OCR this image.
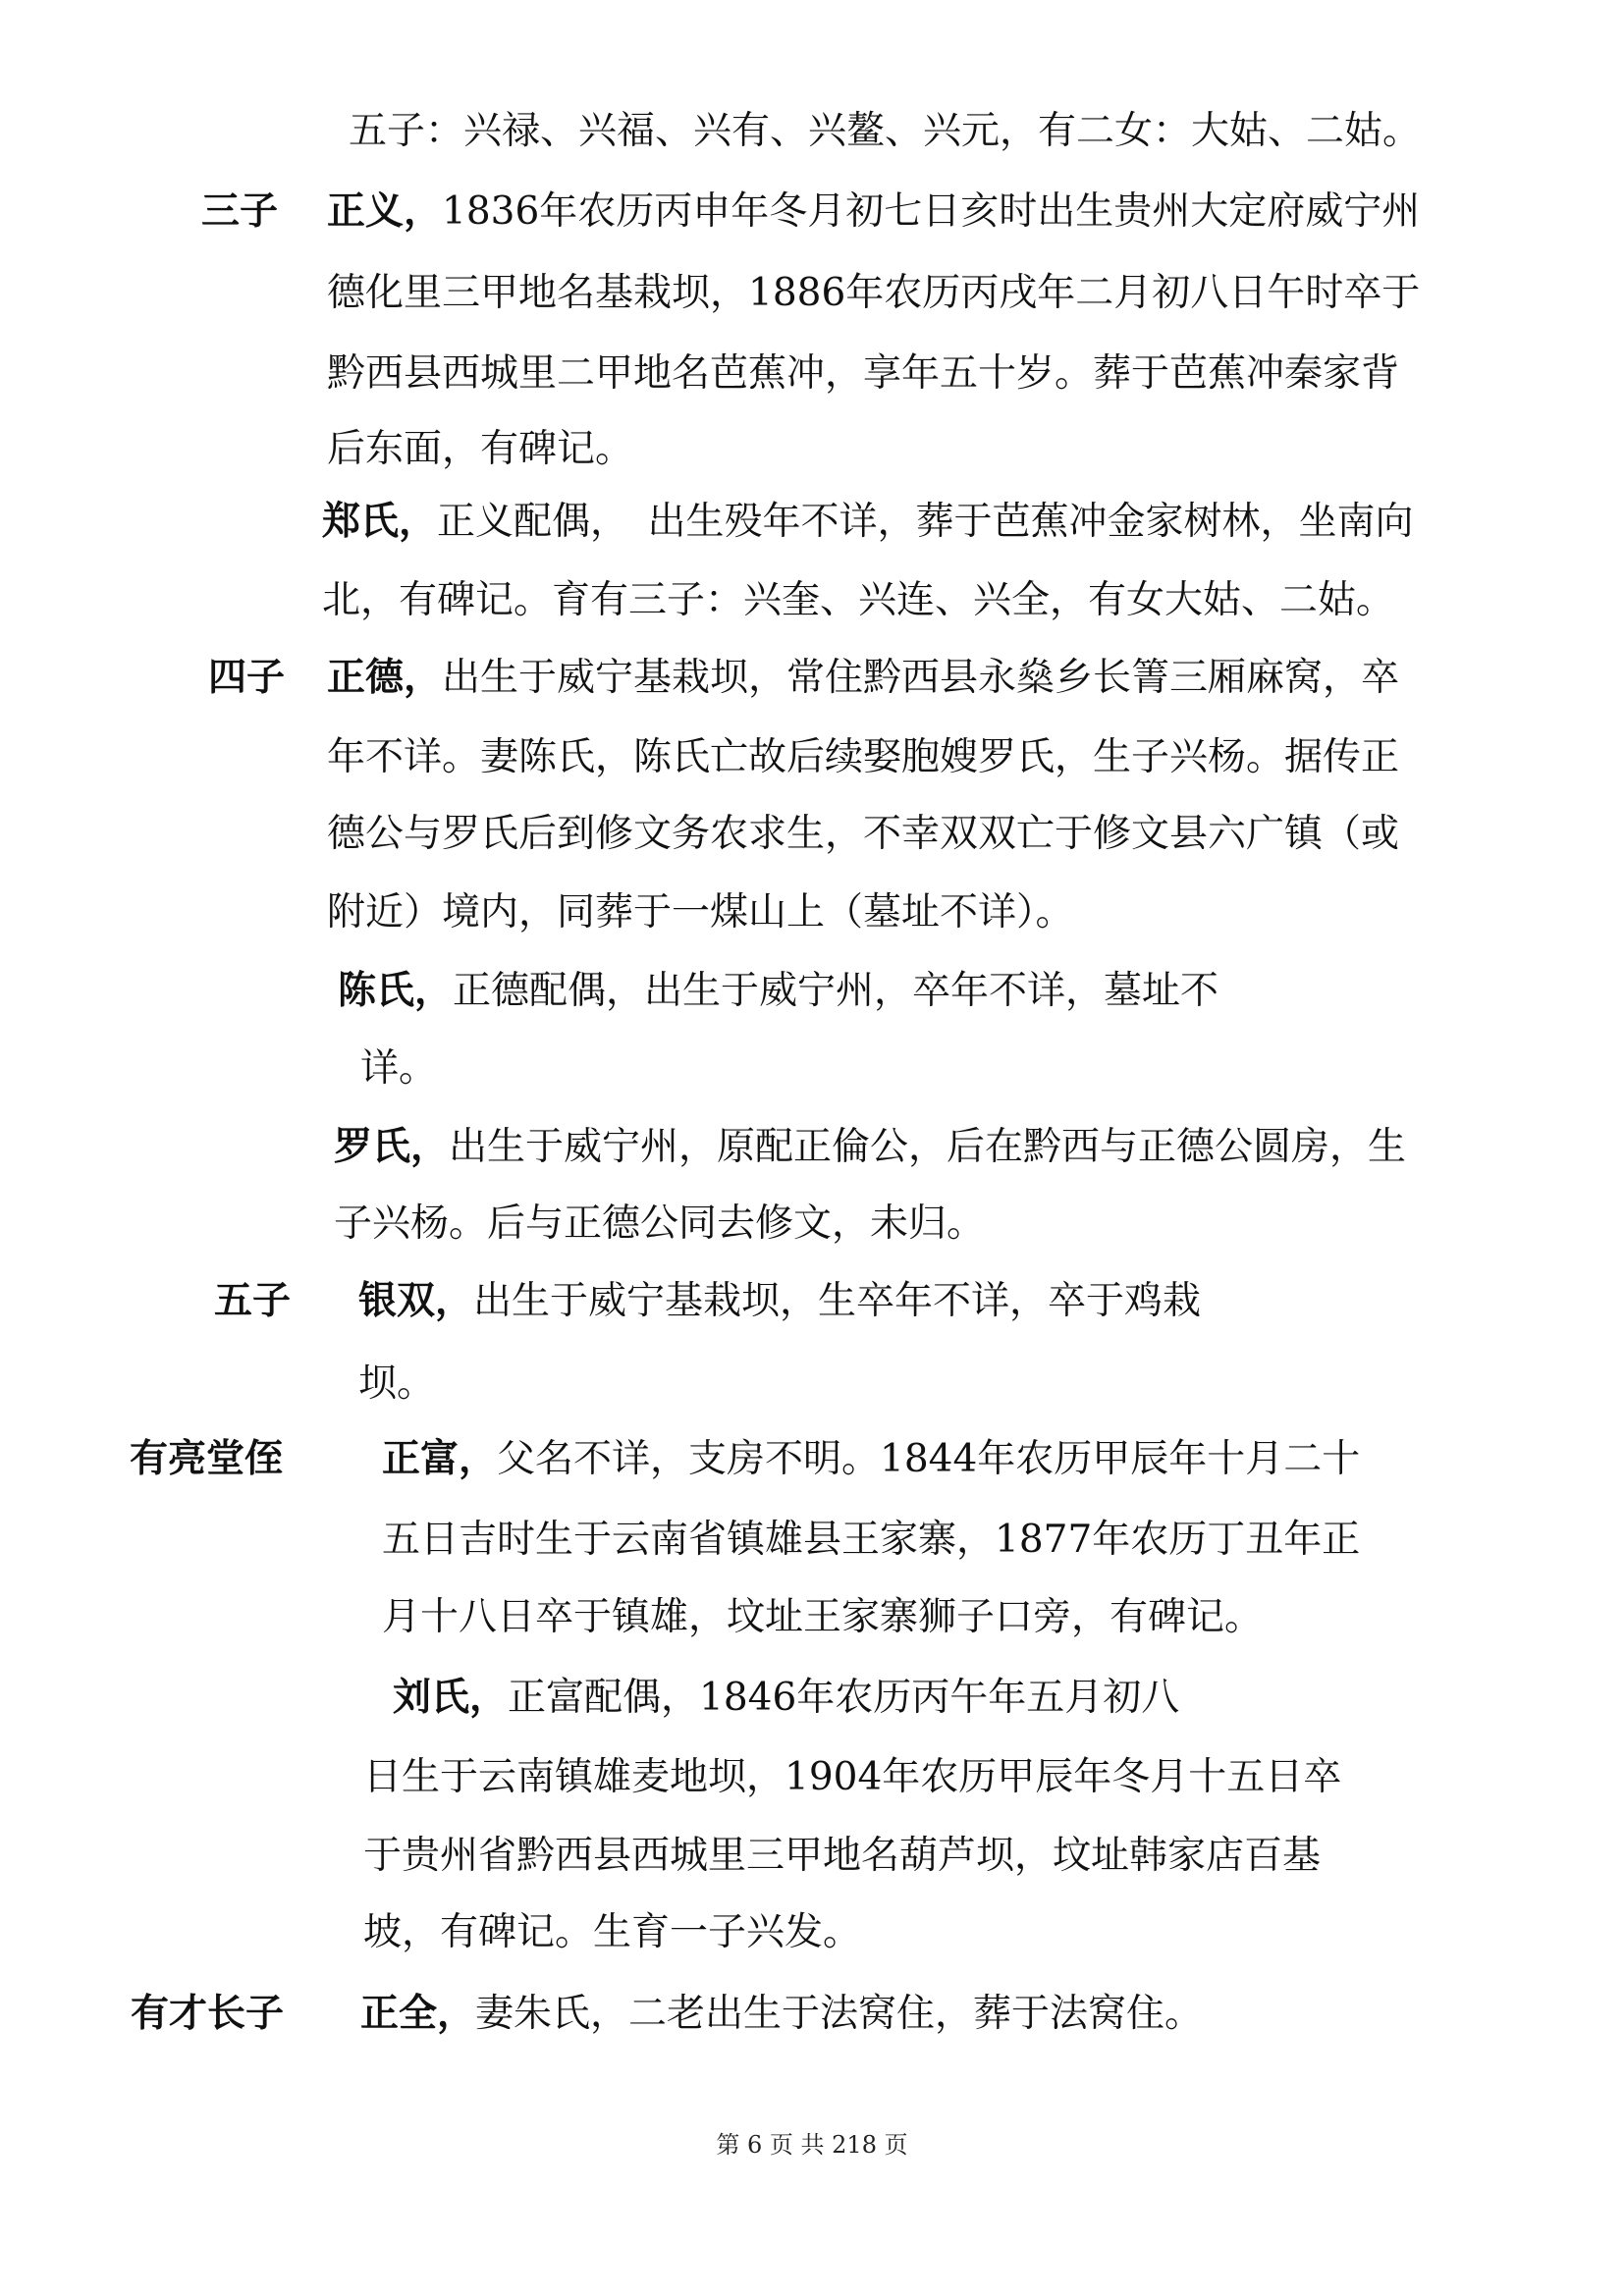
五子：兴禄、兴福、兴有、兴鳌、兴元，有二女：大姑、二姑。
三子 正义，1836年农历丙申年冬月初七日亥时出生贵州大定府威宁州
德化里三甲地名基栽坝，1886年农历丙戌年二月初八日午时卒于
黔西县西城里二甲地名芭蕉冲，享年五十岁。葬于芭蕉冲秦家背
后东面，有碑记。
郑氏，正义配偶，　出生殁年不详，葬于芭蕉冲金家树林，坐南向
北，有碑记。育有三子：兴奎、兴连、兴全，有女大姑、二姑。
四子 正德，出生于威宁基栽坝，常住黔西县永燊乡长箐三厢麻窝，卒
年不详。妻陈氏，陈氏亡故后续娶胞嫂罗氏，生子兴杨。据传正
德公与罗氏后到修文务农求生，不幸双双亡于修文县六广镇（或
附近）境内，同葬于一煤山上（墓址不详）。
陈氏，正德配偶，出生于威宁州，卒年不详，墓址不
详。
罗氏，出生于威宁州，原配正倫公，后在黔西与正德公圆房，生
子兴杨。后与正德公同去修文，未归。
五子 银双，出生于威宁基栽坝，生卒年不详，卒于鸡栽
坝。
有亮堂侄	正富，父名不详，支房不明。1844年农历甲辰年十月二十
五日吉时生于云南省镇雄县王家寨，1877年农历丁丑年正
月十八日卒于镇雄，坟址王家寨狮子口旁，有碑记。
刘氏，正富配偶，1846年农历丙午年五月初八
日生于云南镇雄麦地坝，1904年农历甲辰年冬月十五日卒
于贵州省黔西县西城里三甲地名葫芦坝，坟址韩家店百基
坡，有碑记。生育一子兴发。
有才长子 正全，妻朱氏，二老出生于法窝住，葬于法窝住。
第 6 页 共 218 页
